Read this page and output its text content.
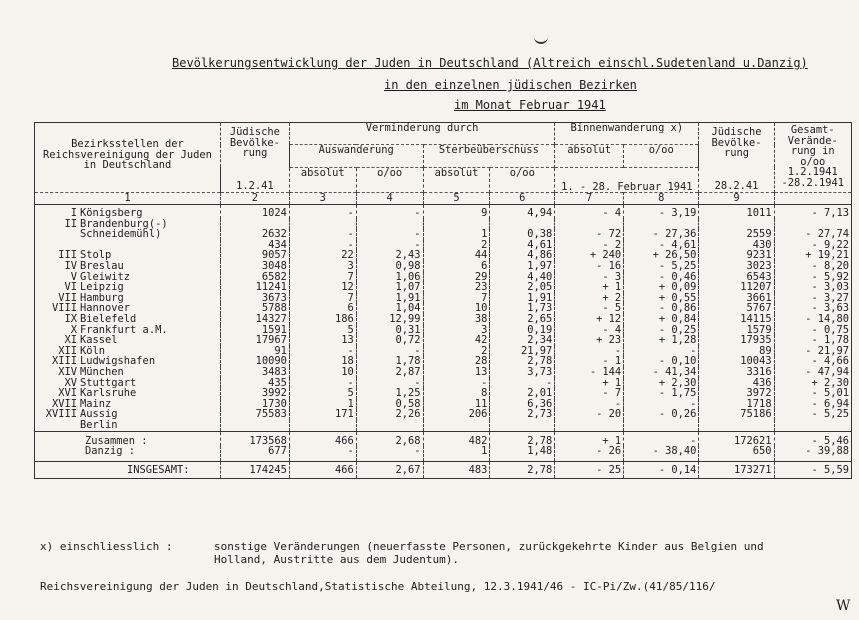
Bevölkerungsentwicklung der Juden in Deutschland (Altreich einschl.Sudetenland u.Danzig)
in den einzelnen jüdischen Bezirken
im Monat Februar 1941
Bezirksstellen der Reichsvereinigung der Juden in Deutschland	Jüdische Bevölke-rung	Verminderung durch				Binnenwanderung x)		Jüdische Bevölke-rung	Gesamt-Verände-rung in o/oo
		Auswanderung		Sterbeüberschuss		absolut	o/oo		
	1.2.41	absolut	o/oo	absolut	o/oo	1. - 28. Februar 1941		28.2.41	1.2.1941 -28.2.1941
1	2	3	4	5	6	7	8	9	
I Königsberg	1024	-	-	9	4,94	- 4	- 3,19	1011	- 7,13
II Brandenburg(-)									
Schneidemühl)	2632	-	-	1	0,38	- 72	- 27,36	2559	- 27,74
	434	-	-	2	4,61	- 2	- 4,61	430	- 9,22
III Stolp	9057	22	2,43	44	4,86	+ 240	+ 26,50	9231	+ 19,21
IV Breslau	3048	3	0,98	6	1,97	- 16	- 5,25	3023	- 8,20
V Gleiwitz	6582	7	1,06	29	4,40	- 3	- 0,46	6543	- 5,92
VI Leipzig	11241	12	1,07	23	2,05	+ 1	+ 0,09	11207	- 3,03
VII Hamburg	3673	7	1,91	7	1,91	+ 2	+ 0,55	3661	- 3,27
VIII Hannover	5788	6	1,04	10	1,73	- 5	- 0,86	5767	- 3,63
IX Bielefeld	14327	186	12,99	38	2,65	+ 12	+ 0,84	14115	- 14,80
X Frankfurt a.M.	1591	5	0,31	3	0,19	- 4	- 0,25	1579	- 0,75
XI Kassel	17967	13	0,72	42	2,34	+ 23	+ 1,28	17935	- 1,78
XII Köln	91	-	-	2	21,97	-	-	89	- 21,97
XIII Ludwigshafen	10090	18	1,78	28	2,78	- 1	- 0,10	10043	- 4,66
XIV München	3483	10	2,87	13	3,73	- 144	- 41,34	3316	- 47,94
XV Stuttgart	435	-	-	-	-	+ 1	+ 2,30	436	+ 2,30
XVI Karlsruhe	3992	5	1,25	8	2,01	- 7	- 1,75	3972	- 5,01
XVII Mainz	1730	1	0,58	11	6,36	-	-	1718	- 6,94
XVIII Aussig	75583	171	2,26	206	2,73	- 20	- 0,26	75186	- 5,25
Berlin									
Zusammen :	173568	466	2,68	482	2,78	+ 1	-	172621	- 5,46
Danzig :	677	-	-	1	1,48	- 26	- 38,40	650	- 39,88
INSGESAMT:	174245	466	2,67	483	2,78	- 25	- 0,14	173271	- 5,59
x) einschliesslich :	sonstige Veränderungen (neuerfasste Personen, zurückgekehrte Kinder aus Belgien und
Holland, Austritte aus dem Judentum).
Reichsvereinigung der Juden in Deutschland,Statistische Abteilung, 12.3.1941/46 - IC-Pi/Zw.(41/85/116/
W
